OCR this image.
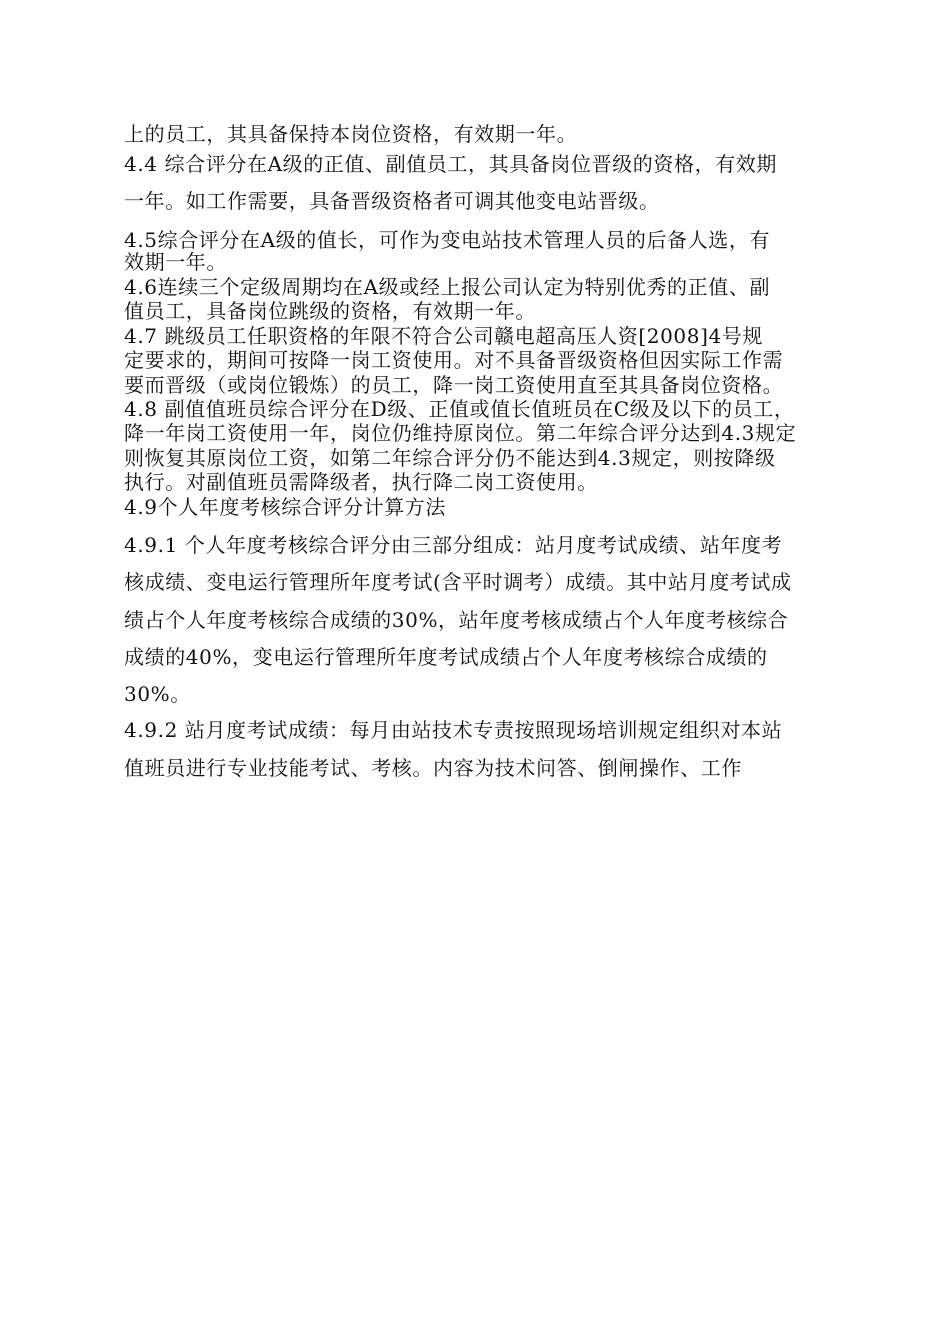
上的员工，其具备保持本岗位资格，有效期一年。
4.4 综合评分在A级的正值、副值员工，其具备岗位晋级的资格，有效期
一年。如工作需要，具备晋级资格者可调其他变电站晋级。
4.5综合评分在A级的值长，可作为变电站技术管理人员的后备人选，有
效期一年。
4.6连续三个定级周期均在A级或经上报公司认定为特别优秀的正值、副
值员工，具备岗位跳级的资格，有效期一年。
4.7 跳级员工任职资格的年限不符合公司赣电超高压人资[2008]4号规
定要求的，期间可按降一岗工资使用。对不具备晋级资格但因实际工作需
要而晋级（或岗位锻炼）的员工，降一岗工资使用直至其具备岗位资格。
4.8 副值值班员综合评分在D级、正值或值长值班员在C级及以下的员工，
降一年岗工资使用一年，岗位仍维持原岗位。第二年综合评分达到4.3规定
则恢复其原岗位工资，如第二年综合评分仍不能达到4.3规定，则按降级
执行。对副值班员需降级者，执行降二岗工资使用。
4.9个人年度考核综合评分计算方法
4.9.1 个人年度考核综合评分由三部分组成：站月度考试成绩、站年度考
核成绩、变电运行管理所年度考试(含平时调考）成绩。其中站月度考试成
绩占个人年度考核综合成绩的30%，站年度考核成绩占个人年度考核综合
成绩的40%，变电运行管理所年度考试成绩占个人年度考核综合成绩的
30%。
4.9.2 站月度考试成绩：每月由站技术专责按照现场培训规定组织对本站
值班员进行专业技能考试、考核。内容为技术问答、倒闸操作、工作
